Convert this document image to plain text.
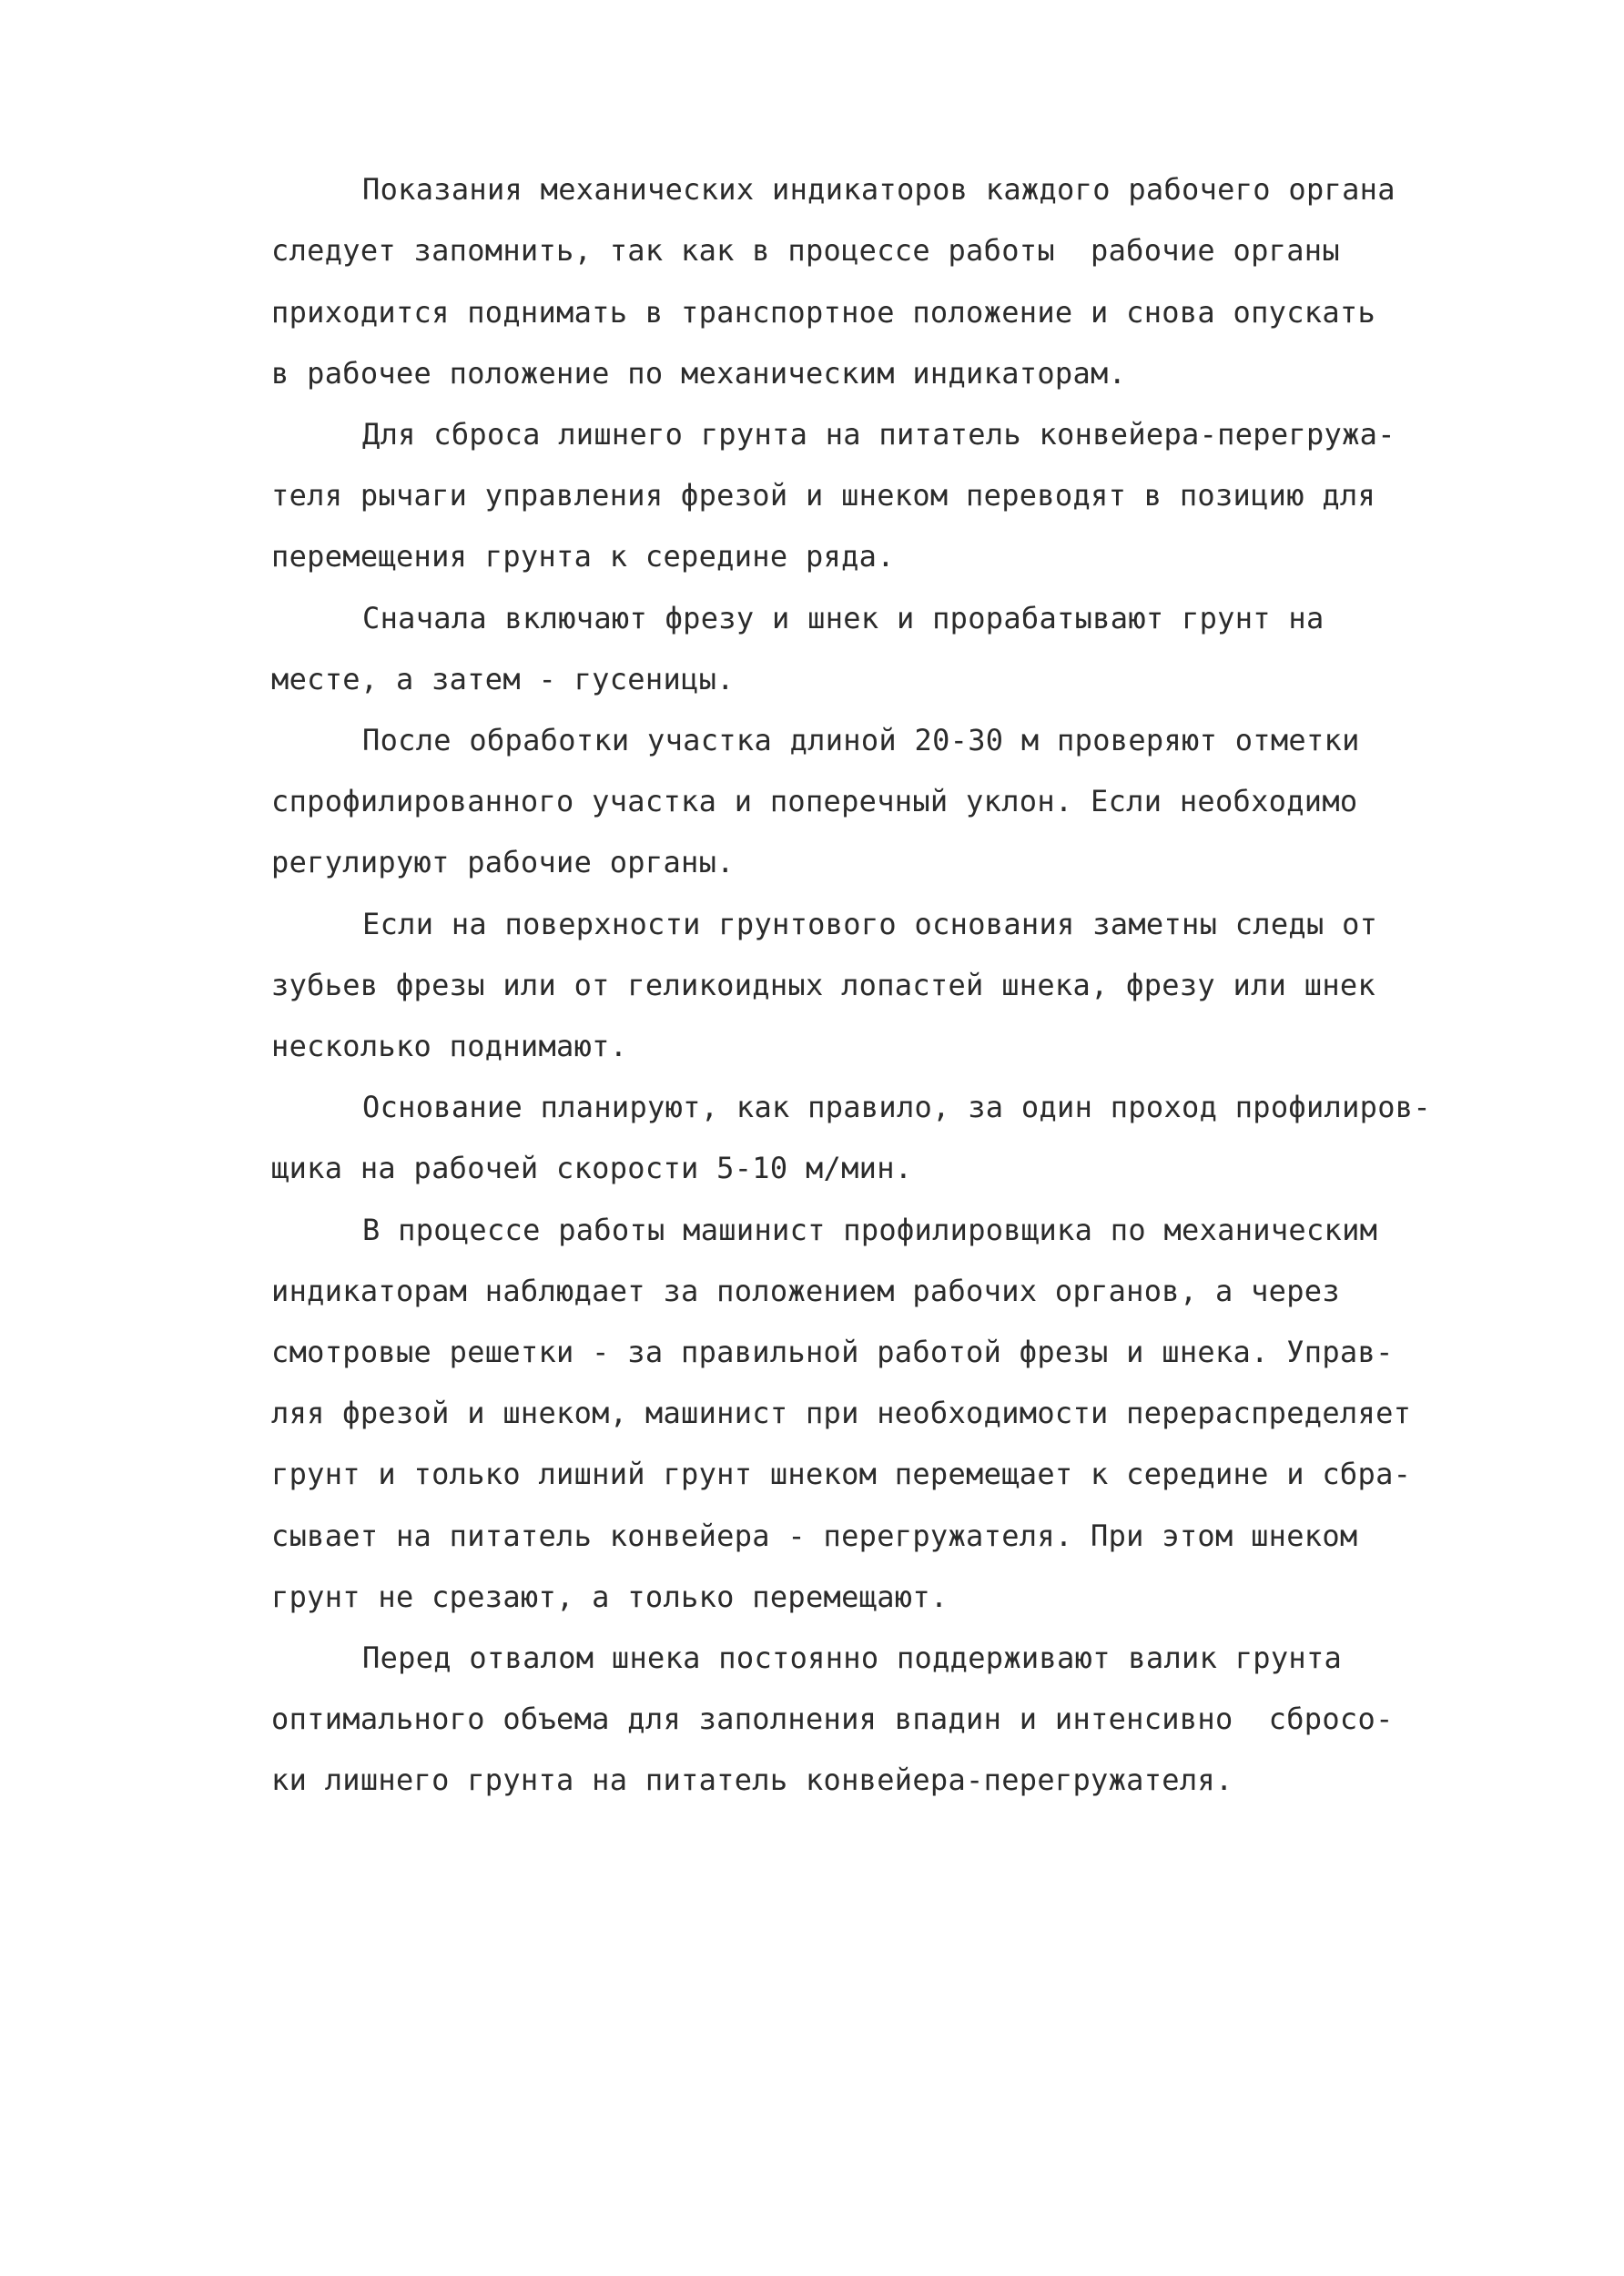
Показания механических индикаторов каждого рабочего органа
следует запомнить, так как в процессе работы  рабочие органы
приходится поднимать в транспортное положение и снова опускать
в рабочее положение по механическим индикаторам.
Для сброса лишнего грунта на питатель конвейера-перегружа-
теля рычаги управления фрезой и шнеком переводят в позицию для
перемещения грунта к середине ряда.
Сначала включают фрезу и шнек и прорабатывают грунт на
месте, а затем - гусеницы.
После обработки участка длиной 20-30 м проверяют отметки
спрофилированного участка и поперечный уклон. Если необходимо
регулируют рабочие органы.
Если на поверхности грунтового основания заметны следы от
зубьев фрезы или от геликоидных лопастей шнека, фрезу или шнек
несколько поднимают.
Основание планируют, как правило, за один проход профилиров-
щика на рабочей скорости 5-10 м/мин.
В процессе работы машинист профилировщика по механическим
индикаторам наблюдает за положением рабочих органов, а через
смотровые решетки - за правильной работой фрезы и шнека. Управ-
ляя фрезой и шнеком, машинист при необходимости перераспределяет
грунт и только лишний грунт шнеком перемещает к середине и сбра-
сывает на питатель конвейера - перегружателя. При этом шнеком
грунт не срезают, а только перемещают.
Перед отвалом шнека постоянно поддерживают валик грунта
оптимального объема для заполнения впадин и интенсивно  сбросо-
ки лишнего грунта на питатель конвейера-перегружателя.
